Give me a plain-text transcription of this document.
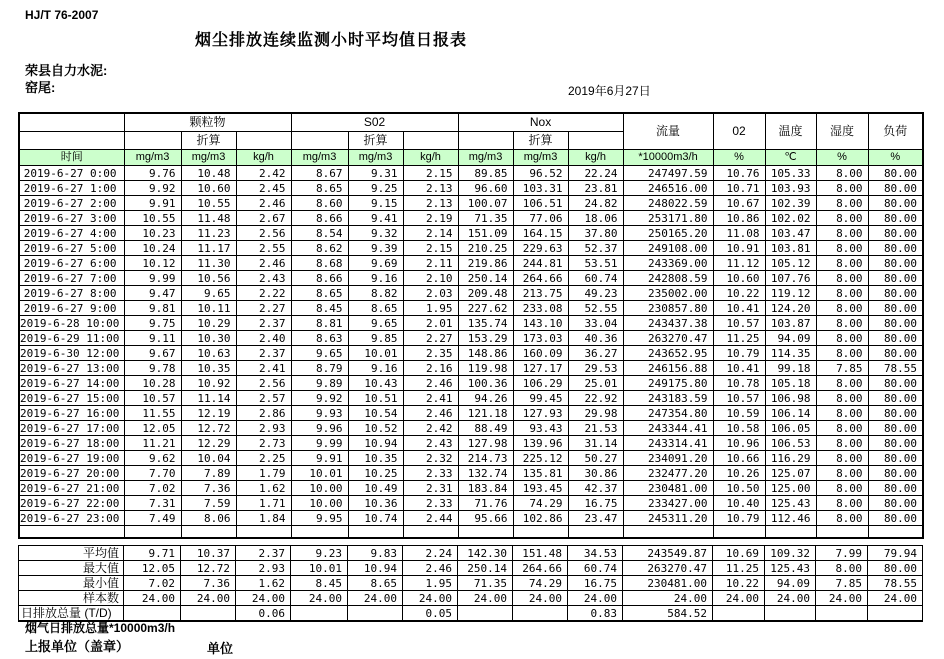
HJ/T 76-2007
烟尘排放连续监测小时平均值日报表
荣县自力水泥:
窑尾:	2019年6月27日
	颗粒物			S02			Nox			流量	02	温度	湿度	负荷
		折算			折算			折算						
时间	mg/m3	mg/m3	kg/h	mg/m3	mg/m3	kg/h	mg/m3	mg/m3	kg/h	*10000m3/h	%	℃	%	%
2019-6-27 0:00	9.76	10.48	2.42	8.67	9.31	2.15	89.85	96.52	22.24	247497.59	10.76	105.33	8.00	80.00
2019-6-27 1:00	9.92	10.60	2.45	8.65	9.25	2.13	96.60	103.31	23.81	246516.00	10.71	103.93	8.00	80.00
2019-6-27 2:00	9.91	10.55	2.46	8.60	9.15	2.13	100.07	106.51	24.82	248022.59	10.67	102.39	8.00	80.00
2019-6-27 3:00	10.55	11.48	2.67	8.66	9.41	2.19	71.35	77.06	18.06	253171.80	10.86	102.02	8.00	80.00
2019-6-27 4:00	10.23	11.23	2.56	8.54	9.32	2.14	151.09	164.15	37.80	250165.20	11.08	103.47	8.00	80.00
2019-6-27 5:00	10.24	11.17	2.55	8.62	9.39	2.15	210.25	229.63	52.37	249108.00	10.91	103.81	8.00	80.00
2019-6-27 6:00	10.12	11.30	2.46	8.68	9.69	2.11	219.86	244.81	53.51	243369.00	11.12	105.12	8.00	80.00
2019-6-27 7:00	9.99	10.56	2.43	8.66	9.16	2.10	250.14	264.66	60.74	242808.59	10.60	107.76	8.00	80.00
2019-6-27 8:00	9.47	9.65	2.22	8.65	8.82	2.03	209.48	213.75	49.23	235002.00	10.22	119.12	8.00	80.00
2019-6-27 9:00	9.81	10.11	2.27	8.45	8.65	1.95	227.62	233.08	52.55	230857.80	10.41	124.20	8.00	80.00
2019-6-28 10:00	9.75	10.29	2.37	8.81	9.65	2.01	135.74	143.10	33.04	243437.38	10.57	103.87	8.00	80.00
2019-6-29 11:00	9.11	10.30	2.40	8.63	9.85	2.27	153.29	173.03	40.36	263270.47	11.25	94.09	8.00	80.00
2019-6-30 12:00	9.67	10.63	2.37	9.65	10.01	2.35	148.86	160.09	36.27	243652.95	10.79	114.35	8.00	80.00
2019-6-27 13:00	9.78	10.35	2.41	8.79	9.16	2.16	119.98	127.17	29.53	246156.88	10.41	99.18	7.85	78.55
2019-6-27 14:00	10.28	10.92	2.56	9.89	10.43	2.46	100.36	106.29	25.01	249175.80	10.78	105.18	8.00	80.00
2019-6-27 15:00	10.57	11.14	2.57	9.92	10.51	2.41	94.26	99.45	22.92	243183.59	10.57	106.98	8.00	80.00
2019-6-27 16:00	11.55	12.19	2.86	9.93	10.54	2.46	121.18	127.93	29.98	247354.80	10.59	106.14	8.00	80.00
2019-6-27 17:00	12.05	12.72	2.93	9.96	10.52	2.42	88.49	93.43	21.53	243344.41	10.58	106.05	8.00	80.00
2019-6-27 18:00	11.21	12.29	2.73	9.99	10.94	2.43	127.98	139.96	31.14	243314.41	10.96	106.53	8.00	80.00
2019-6-27 19:00	9.62	10.04	2.25	9.91	10.35	2.32	214.73	225.12	50.27	234091.20	10.66	116.29	8.00	80.00
2019-6-27 20:00	7.70	7.89	1.79	10.01	10.25	2.33	132.74	135.81	30.86	232477.20	10.26	125.07	8.00	80.00
2019-6-27 21:00	7.02	7.36	1.62	10.00	10.49	2.31	183.84	193.45	42.37	230481.00	10.50	125.00	8.00	80.00
2019-6-27 22:00	7.31	7.59	1.71	10.00	10.36	2.33	71.76	74.29	16.75	233427.00	10.40	125.43	8.00	80.00
2019-6-27 23:00	7.49	8.06	1.84	9.95	10.74	2.44	95.66	102.86	23.47	245311.20	10.79	112.46	8.00	80.00

平均值	9.71	10.37	2.37	9.23	9.83	2.24	142.30	151.48	34.53	243549.87	10.69	109.32	7.99	79.94
最大值	12.05	12.72	2.93	10.01	10.94	2.46	250.14	264.66	60.74	263270.47	11.25	125.43	8.00	80.00
最小值	7.02	7.36	1.62	8.45	8.65	1.95	71.35	74.29	16.75	230481.00	10.22	94.09	7.85	78.55
样本数	24.00	24.00	24.00	24.00	24.00	24.00	24.00	24.00	24.00	24.00	24.00	24.00	24.00	24.00
日排放总量 (T/D)			0.06			0.05			0.83	584.52				
烟气日排放总量*10000m3/h
上报单位（盖章）	单位
